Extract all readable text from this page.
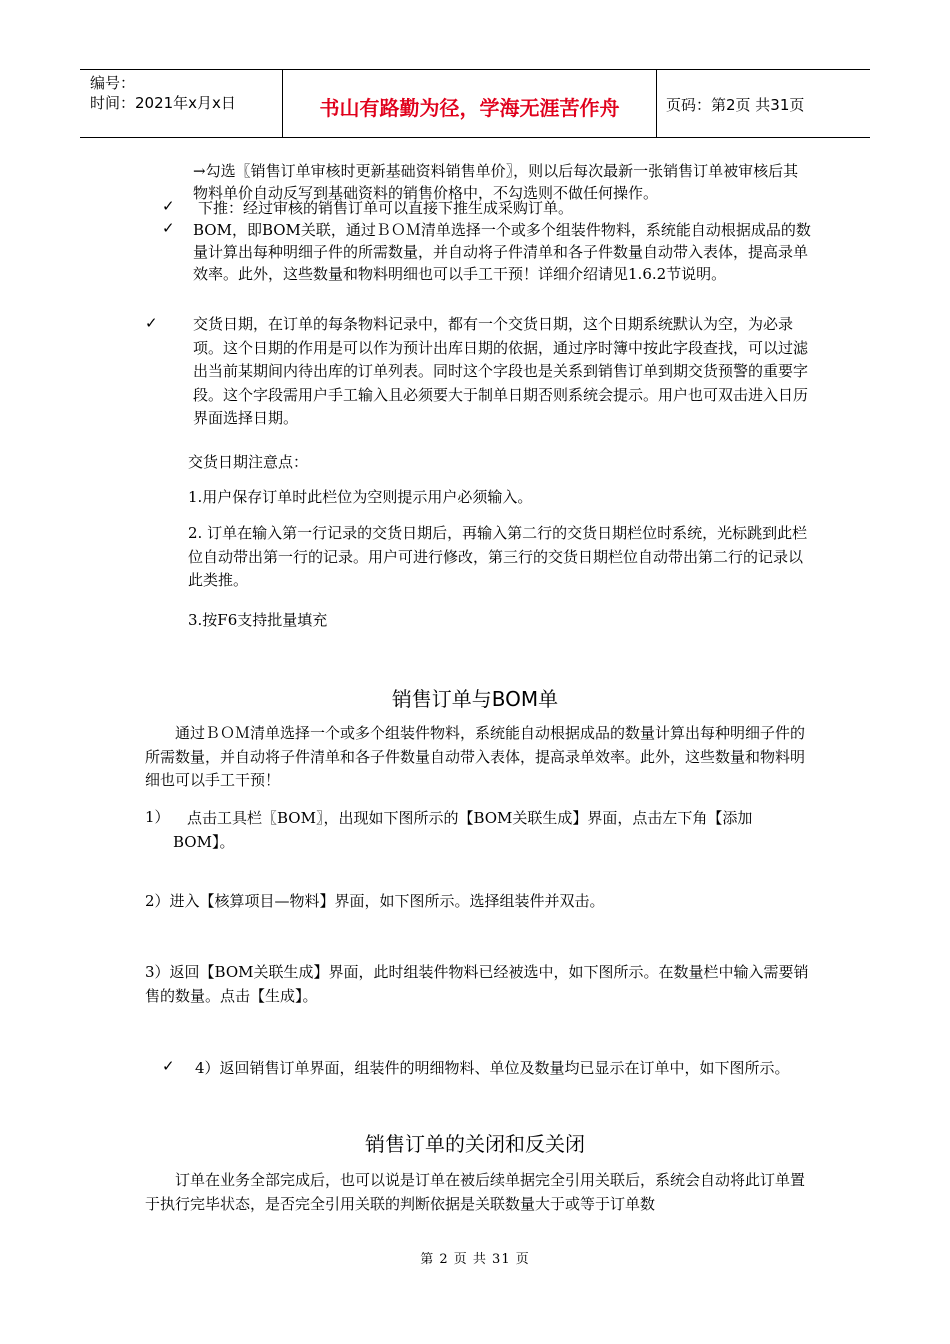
编号：
时间：2021年x月x日	书山有路勤为径，学海无涯苦作舟	页码：第2页 共31页
→勾选〖销售订单审核时更新基础资料销售单价〗，则以后每次最新一张销售订单被审核后其物料单价自动反写到基础资料的销售价格中，不勾选则不做任何操作。
✓ 下推：经过审核的销售订单可以直接下推生成采购订单。
✓ BOM，即BOM关联，通过ＢＯＭ清单选择一个或多个组装件物料，系统能自动根据成品的数量计算出每种明细子件的所需数量，并自动将子件清单和各子件数量自动带入表体，提高录单效率。此外，这些数量和物料明细也可以手工干预！详细介绍请见1.6.2节说明。
✓ 交货日期，在订单的每条物料记录中，都有一个交货日期，这个日期系统默认为空，为必录项。这个日期的作用是可以作为预计出库日期的依据，通过序时簿中按此字段查找，可以过滤出当前某期间内待出库的订单列表。同时这个字段也是关系到销售订单到期交货预警的重要字段。这个字段需用户手工输入且必须要大于制单日期否则系统会提示。用户也可双击进入日历界面选择日期。
交货日期注意点：
1.用户保存订单时此栏位为空则提示用户必须输入。
2. 订单在输入第一行记录的交货日期后，再输入第二行的交货日期栏位时系统，光标跳到此栏位自动带出第一行的记录。用户可进行修改，第三行的交货日期栏位自动带出第二行的记录以此类推。
3.按F6支持批量填充
销售订单与BOM单
通过ＢＯＭ清单选择一个或多个组装件物料，系统能自动根据成品的数量计算出每种明细子件的所需数量，并自动将子件清单和各子件数量自动带入表体，提高录单效率。此外，这些数量和物料明细也可以手工干预！
1）	点击工具栏〖BOM〗，出现如下图所示的【BOM关联生成】界面，点击左下角【添加BOM】。
2）进入【核算项目—物料】界面，如下图所示。选择组装件并双击。
3）返回【BOM关联生成】界面，此时组装件物料已经被选中，如下图所示。在数量栏中输入需要销售的数量。点击【生成】。
✓ 4）返回销售订单界面，组装件的明细物料、单位及数量均已显示在订单中，如下图所示。
销售订单的关闭和反关闭
订单在业务全部完成后，也可以说是订单在被后续单据完全引用关联后，系统会自动将此订单置于执行完毕状态，是否完全引用关联的判断依据是关联数量大于或等于订单数
第 2 页 共 31 页
